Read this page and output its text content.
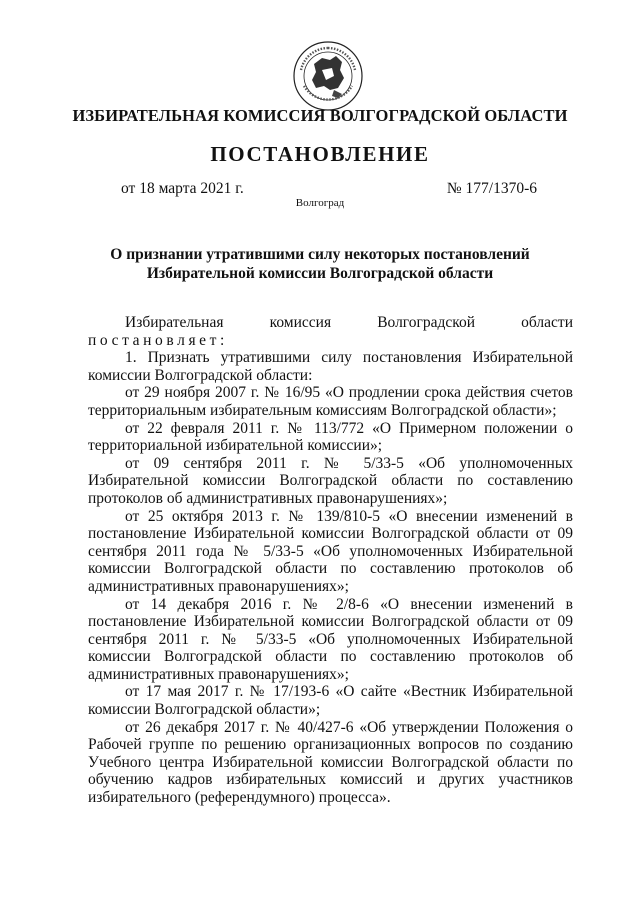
ИЗБИРАТЕЛЬНАЯ КОМИССИЯ ВОЛГОГРАДСКОЙ ОБЛАСТИ
ПОСТАНОВЛЕНИЕ
от 18 марта 2021 г.	№ 177/1370-6
Волгоград
О признании утратившими силу некоторых постановлений
Избирательной комиссии Волгоградской области

Избирательная комиссия Волгоградской области

постановляет:

1. Признать утратившими силу постановления Избирательной комиссии Волгоградской области:

от 29 ноября 2007 г. № 16/95 «О продлении срока действия счетов территориальным избирательным комиссиям Волгоградской области»;

от 22 февраля 2011 г. № 113/772 «О Примерном положении о территориальной избирательной комиссии»;

от 09 сентября 2011 г. № 5/33-5 «Об уполномоченных Избирательной комиссии Волгоградской области по составлению протоколов об административных правонарушениях»;

от 25 октября 2013 г. № 139/810-5 «О внесении изменений в постановление Избирательной комиссии Волгоградской области от 09 сентября 2011 года № 5/33-5 «Об уполномоченных Избирательной комиссии Волгоградской области по составлению протоколов об административных правонарушениях»;

от 14 декабря 2016 г. № 2/8-6 «О внесении изменений в постановление Избирательной комиссии Волгоградской области от 09 сентября 2011 г. № 5/33-5 «Об уполномоченных Избирательной комиссии Волгоградской области по составлению протоколов об административных правонарушениях»;

от 17 мая 2017 г. № 17/193-6 «О сайте «Вестник Избирательной комиссии Волгоградской области»;

от 26 декабря 2017 г. № 40/427-6 «Об утверждении Положения о Рабочей группе по решению организационных вопросов по созданию Учебного центра Избирательной комиссии Волгоградской области по обучению кадров избирательных комиссий и других участников избирательного (референдумного) процесса».
